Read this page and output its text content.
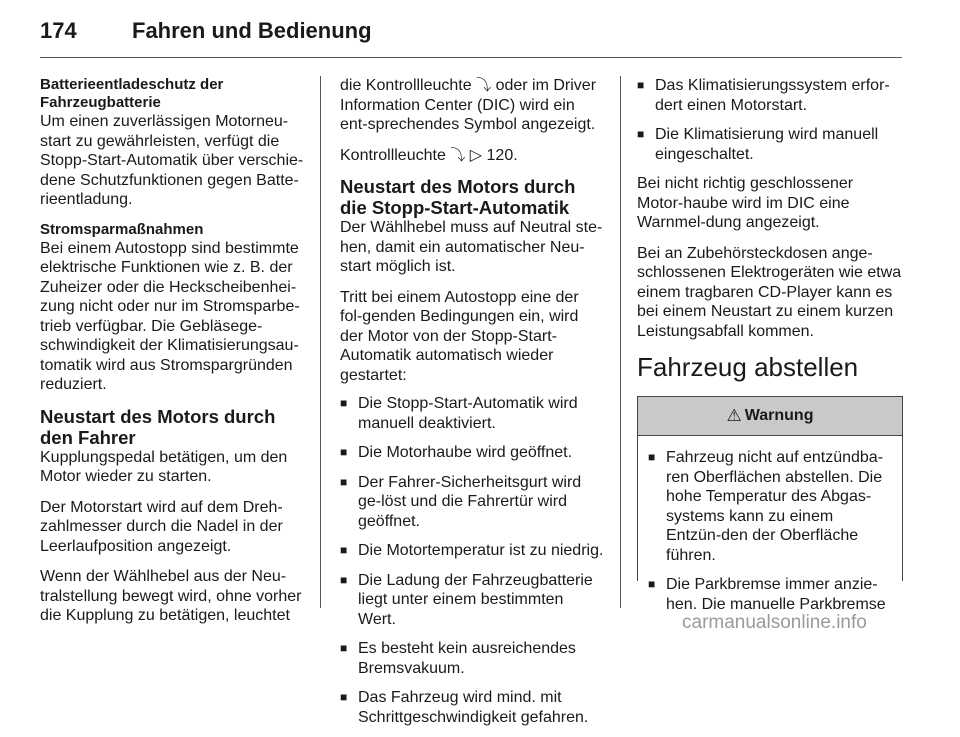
174	Fahren und Bedienung
Batterieentladeschutz der Fahrzeugbatterie

Um einen zuverlässigen Motorneu-start zu gewährleisten, verfügt die Stopp-Start-Automatik über verschie-dene Schutzfunktionen gegen Batte-rieentladung.

Stromsparmaßnahmen

Bei einem Autostopp sind bestimmte elektrische Funktionen wie z. B. der Zuheizer oder die Heckscheibenhei-zung nicht oder nur im Stromsparbe-trieb verfügbar. Die Gebläsege-schwindigkeit der Klimatisierungsau-tomatik wird aus Stromspargründen reduziert.

Neustart des Motors durch den Fahrer

Kupplungspedal betätigen, um den Motor wieder zu starten.

Der Motorstart wird auf dem Dreh-zahlmesser durch die Nadel in der Leerlaufposition angezeigt.

Wenn der Wählhebel aus der Neu-tralstellung bewegt wird, ohne vorher die Kupplung zu betätigen, leuchtet

die Kontrollleuchte ⤵ oder im Driver Information Center (DIC) wird ein ent-sprechendes Symbol angezeigt.

Kontrollleuchte ⤵ ▷ 120.

Neustart des Motors durch die Stopp-Start-Automatik

Der Wählhebel muss auf Neutral ste-hen, damit ein automatischer Neu-start möglich ist.

Tritt bei einem Autostopp eine der fol-genden Bedingungen ein, wird der Motor von der Stopp-Start-Automatik automatisch wieder gestartet:

■ Die Stopp-Start-Automatik wird manuell deaktiviert.
■ Die Motorhaube wird geöffnet.
■ Der Fahrer-Sicherheitsgurt wird ge-löst und die Fahrertür wird geöffnet.
■ Die Motortemperatur ist zu niedrig.
■ Die Ladung der Fahrzeugbatterie liegt unter einem bestimmten Wert.
■ Es besteht kein ausreichendes Bremsvakuum.
■ Das Fahrzeug wird mind. mit Schrittgeschwindigkeit gefahren.
■ Das Klimatisierungssystem erfor-dert einen Motorstart.
■ Die Klimatisierung wird manuell eingeschaltet.

Bei nicht richtig geschlossener Motor-haube wird im DIC eine Warnmel-dung angezeigt.

Bei an Zubehörsteckdosen ange-schlossenen Elektrogeräten wie etwa einem tragbaren CD-Player kann es bei einem Neustart zu einem kurzen Leistungsabfall kommen.

Fahrzeug abstellen
⚠ Warnung
■ Fahrzeug nicht auf entzündba-ren Oberflächen abstellen. Die hohe Temperatur des Abgas-systems kann zu einem Entzün-den der Oberfläche führen.
■ Die Parkbremse immer anzie-hen. Die manuelle Parkbremse
carmanualsonline.info
